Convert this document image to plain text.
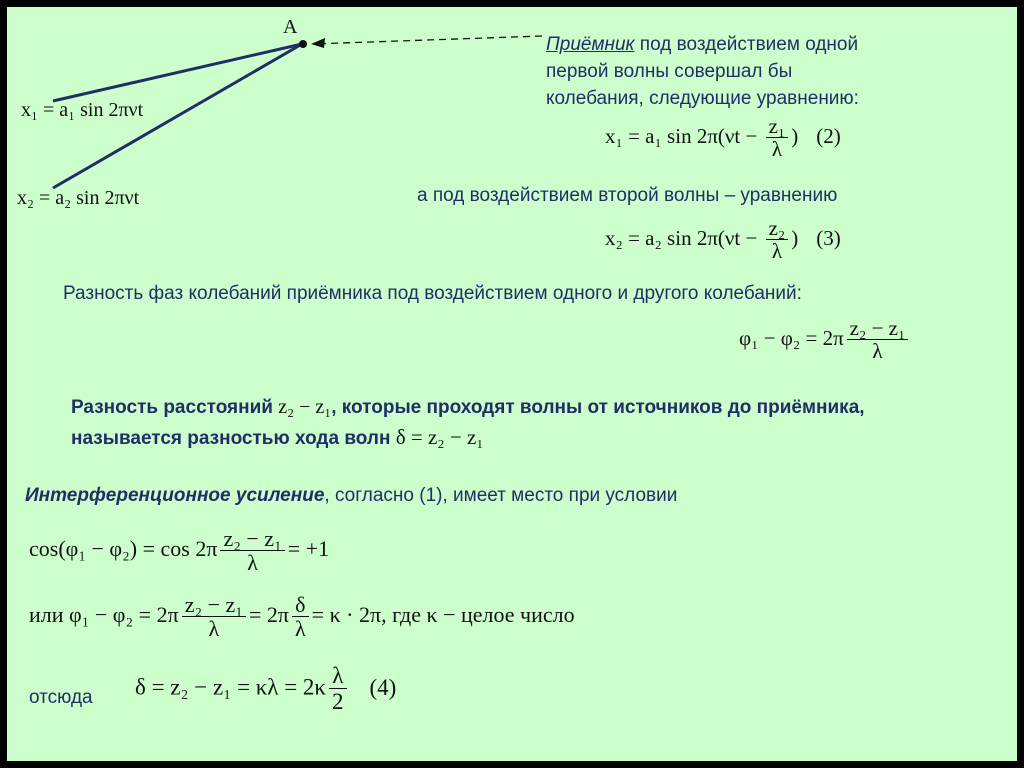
A
x₁ = a₁ sin 2πνt
x₂ = a₂ sin 2πνt
Приёмник под воздействием одной
первой волны совершал бы
колебания, следующие уравнению:
x₁ = a₁ $\sin 2\pi(\nu t - \frac{\text{z₁}}{\lambda}$ ) (2)
а под воздействием второй волны – уравнению
x₂ = a₂ $\sin 2\pi(\nu t - \frac{\text{z₂}}{\lambda}$ ) (3)
Разность фаз колебаний приёмника под воздействием одного и другого колебаний:
$\varphi_1 - \varphi_2 = 2\pi \frac{\text{z₂ − z₁}}{\lambda}$
Разность расстояний z₂ − z₁, которые проходят волны от источников до приёмника,
называется разностью хода волн δ = z₂ − z₁
Интерференционное усиление, согласно (1), имеет место при условии
$\cos(\varphi_1 - \varphi_2) = \cos 2\pi \frac{\text{z₂ − z₁}}{\lambda} = +1$
или $\varphi_1 - \varphi_2 = 2\pi \frac{\text{z₂ − z₁}}{\lambda} = 2\pi \frac{\delta}{\lambda} = \kappa \cdot 2\pi$, где κ − целое число
отсюда $\delta = z_2 - z_1 = \kappa\lambda = 2\kappa \frac{\lambda}{2} (4)$
